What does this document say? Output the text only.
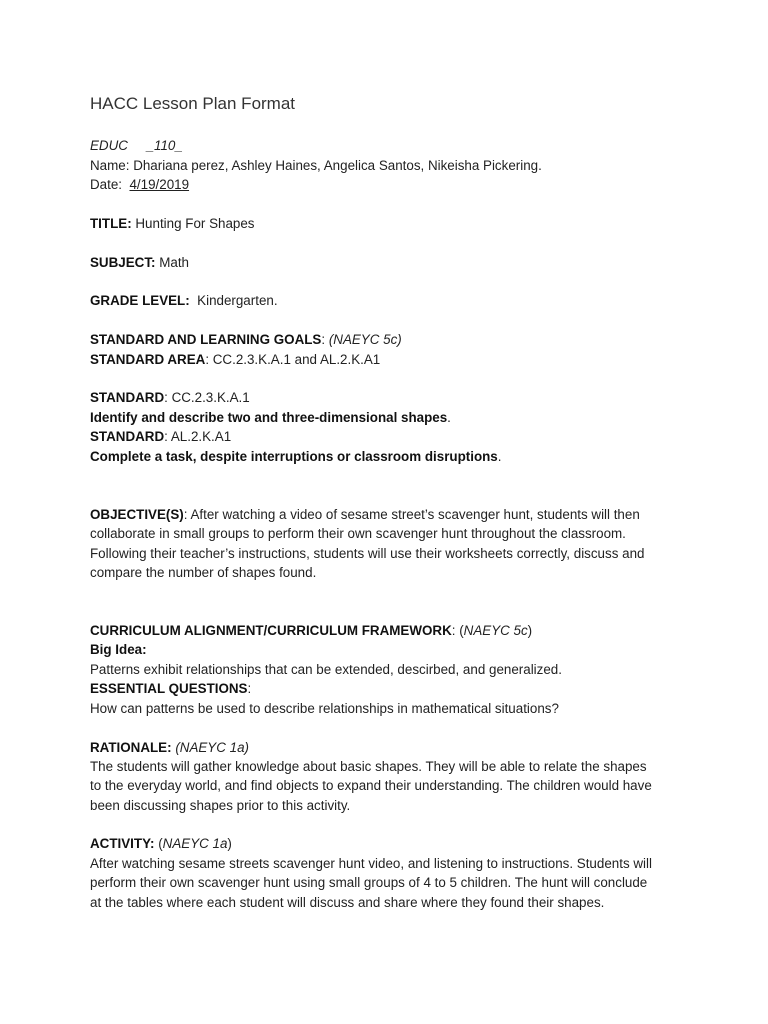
HACC Lesson Plan Format
EDUC _110_
Name: Dhariana perez, Ashley Haines, Angelica Santos, Nikeisha Pickering.
Date: 4/19/2019
TITLE: Hunting For Shapes
SUBJECT: Math
GRADE LEVEL: Kindergarten.
STANDARD AND LEARNING GOALS: (NAEYC 5c)
STANDARD AREA: CC.2.3.K.A.1 and AL.2.K.A1
STANDARD: CC.2.3.K.A.1
Identify and describe two and three-dimensional shapes.
STANDARD: AL.2.K.A1
Complete a task, despite interruptions or classroom disruptions.
OBJECTIVE(S): After watching a video of sesame street’s scavenger hunt, students will then
collaborate in small groups to perform their own scavenger hunt throughout the classroom.
Following their teacher’s instructions, students will use their worksheets correctly, discuss and
compare the number of shapes found.
CURRICULUM ALIGNMENT/CURRICULUM FRAMEWORK: (NAEYC 5c)
Big Idea:
Patterns exhibit relationships that can be extended, descirbed, and generalized.
ESSENTIAL QUESTIONS:
How can patterns be used to describe relationships in mathematical situations?
RATIONALE: (NAEYC 1a)
The students will gather knowledge about basic shapes. They will be able to relate the shapes
to the everyday world, and find objects to expand their understanding. The children would have
been discussing shapes prior to this activity.
ACTIVITY: (NAEYC 1a)
After watching sesame streets scavenger hunt video, and listening to instructions. Students will
perform their own scavenger hunt using small groups of 4 to 5 children. The hunt will conclude
at the tables where each student will discuss and share where they found their shapes.
